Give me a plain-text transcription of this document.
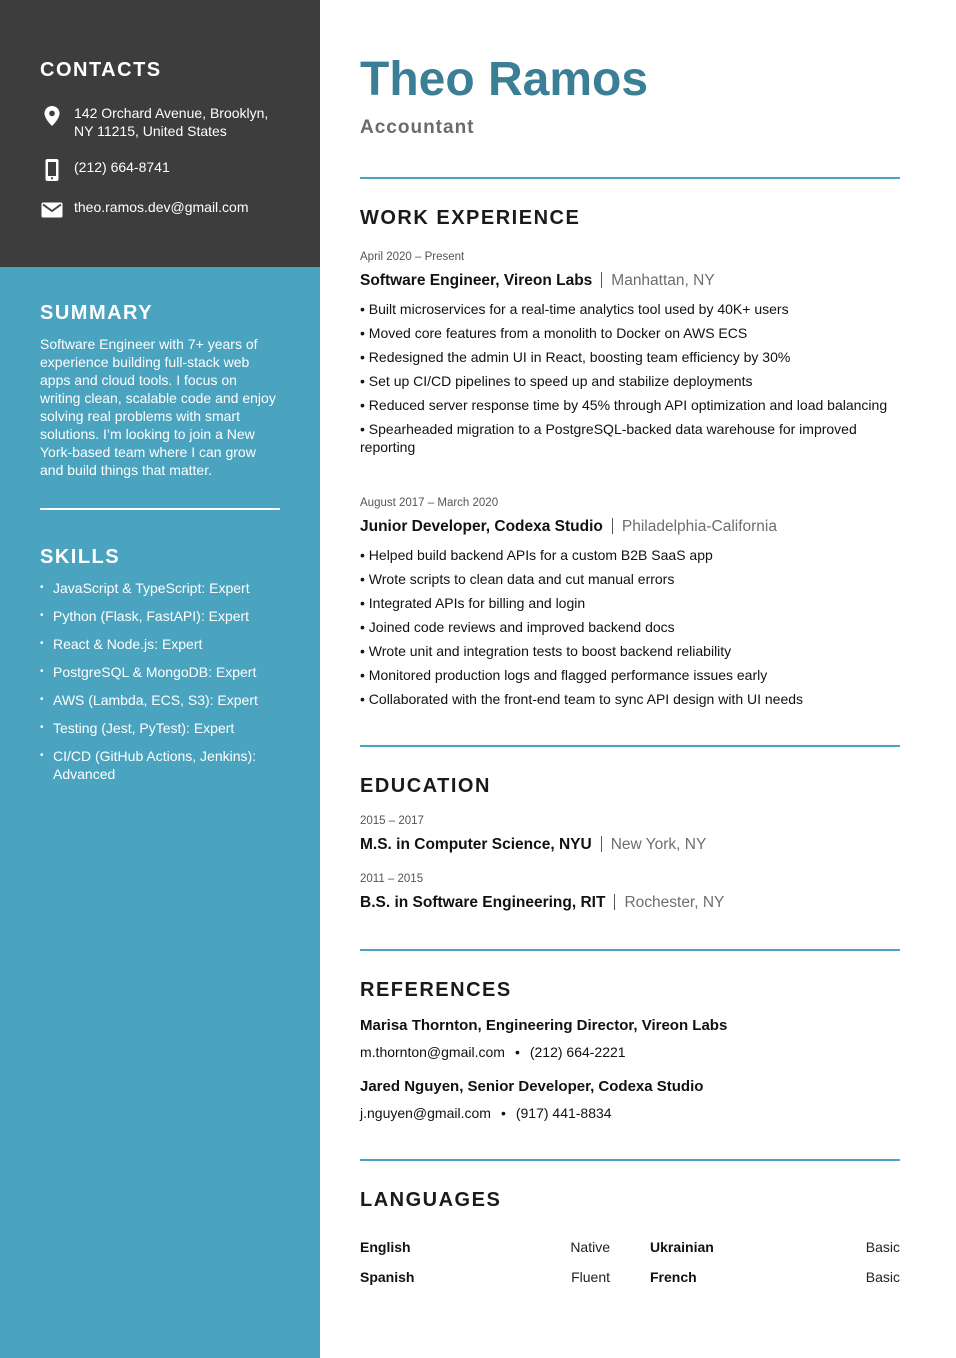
CONTACTS
142 Orchard Avenue, Brooklyn, NY 11215, United States
(212) 664-8741
theo.ramos.dev@gmail.com
SUMMARY
Software Engineer with 7+ years of experience building full-stack web apps and cloud tools. I focus on writing clean, scalable code and enjoy solving real problems with smart solutions. I’m looking to join a New York-based team where I can grow and build things that matter.
SKILLS
• JavaScript & TypeScript: Expert
• Python (Flask, FastAPI): Expert
• React & Node.js: Expert
• PostgreSQL & MongoDB: Expert
• AWS (Lambda, ECS, S3): Expert
• Testing (Jest, PyTest): Expert
• CI/CD (GitHub Actions, Jenkins): Advanced
Theo Ramos
Accountant
WORK EXPERIENCE
April 2020 – Present
Software Engineer, Vireon Labs Manhattan, NY
• Built microservices for a real-time analytics tool used by 40K+ users
• Moved core features from a monolith to Docker on AWS ECS
• Redesigned the admin UI in React, boosting team efficiency by 30%
• Set up CI/CD pipelines to speed up and stabilize deployments
• Reduced server response time by 45% through API optimization and load balancing
• Spearheaded migration to a PostgreSQL-backed data warehouse for improved reporting
August 2017 – March 2020
Junior Developer, Codexa Studio Philadelphia-California
• Helped build backend APIs for a custom B2B SaaS app
• Wrote scripts to clean data and cut manual errors
• Integrated APIs for billing and login
• Joined code reviews and improved backend docs
• Wrote unit and integration tests to boost backend reliability
• Monitored production logs and flagged performance issues early
• Collaborated with the front-end team to sync API design with UI needs
EDUCATION
2015 – 2017
M.S. in Computer Science, NYU New York, NY
2011 – 2015
B.S. in Software Engineering, RIT Rochester, NY
REFERENCES
Marisa Thornton, Engineering Director, Vireon Labs
m.thornton@gmail.com • (212) 664-2221
Jared Nguyen, Senior Developer, Codexa Studio
j.nguyen@gmail.com • (917) 441-8834
LANGUAGES
English	Native	Ukrainian	Basic
Spanish	Fluent	French	Basic
